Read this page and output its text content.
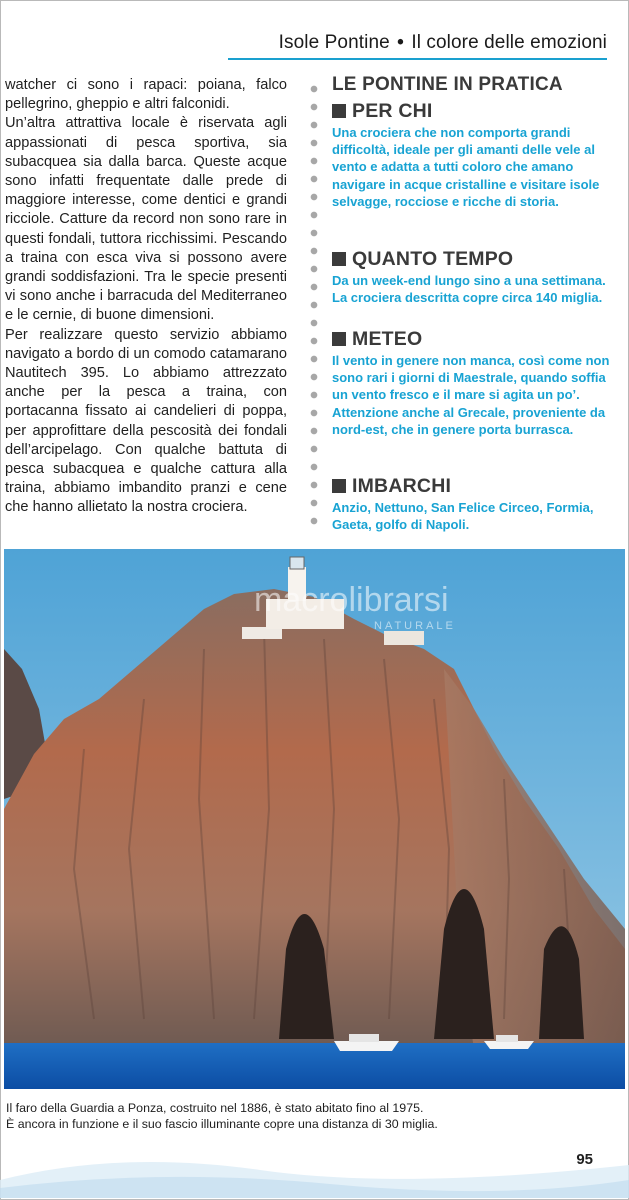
Isole Pontine • Il colore delle emozioni

watcher ci sono i rapaci: poiana, falco pellegrino, gheppio e altri falconidi.

Un’altra attrattiva locale è riservata agli appassionati di pesca sportiva, sia subacquea sia dalla barca. Queste acque sono infatti frequentate dalle prede di maggiore interesse, come dentici e grandi ricciole. Catture da record non sono rare in questi fondali, tuttora ricchissimi. Pescando a traina con esca viva si possono avere grandi soddisfazioni. Tra le specie presenti vi sono anche i barracuda del Mediterraneo e le cernie, di buone dimensioni.

Per realizzare questo servizio abbiamo navigato a bordo di un comodo catamarano Nautitech 395. Lo abbiamo attrezzato anche per la pesca a traina, con portacanna fissato ai candelieri di poppa, per approfittare della pescosità dei fondali dell’arcipelago. Con qualche battuta di pesca subacquea e qualche cattura alla traina, abbiamo imbandito pranzi e cene che hanno allietato la nostra crociera.

LE PONTINE IN PRATICA
PER CHI
Una crociera che non comporta grandi difficoltà, ideale per gli amanti delle vele al vento e adatta a tutti coloro che amano navigare in acque cristalline e visitare isole selvagge, rocciose e ricche di storia.
QUANTO TEMPO
Da un week-end lungo sino a una settimana. La crociera descritta copre circa 140 miglia.
METEO
Il vento in genere non manca, così come non sono rari i giorni di Maestrale, quando soffia un vento fresco e il mare si agita un po’. Attenzione anche al Grecale, proveniente da nord-est, che in genere porta burrasca.
IMBARCHI
Anzio, Nettuno, San Felice Circeo, Formia, Gaeta, golfo di Napoli.
macrolibrarsi
NATURALE
Il faro della Guardia a Ponza, costruito nel 1886, è stato abitato fino al 1975.
È ancora in funzione e il suo fascio illuminante copre una distanza di 30 miglia.
95
